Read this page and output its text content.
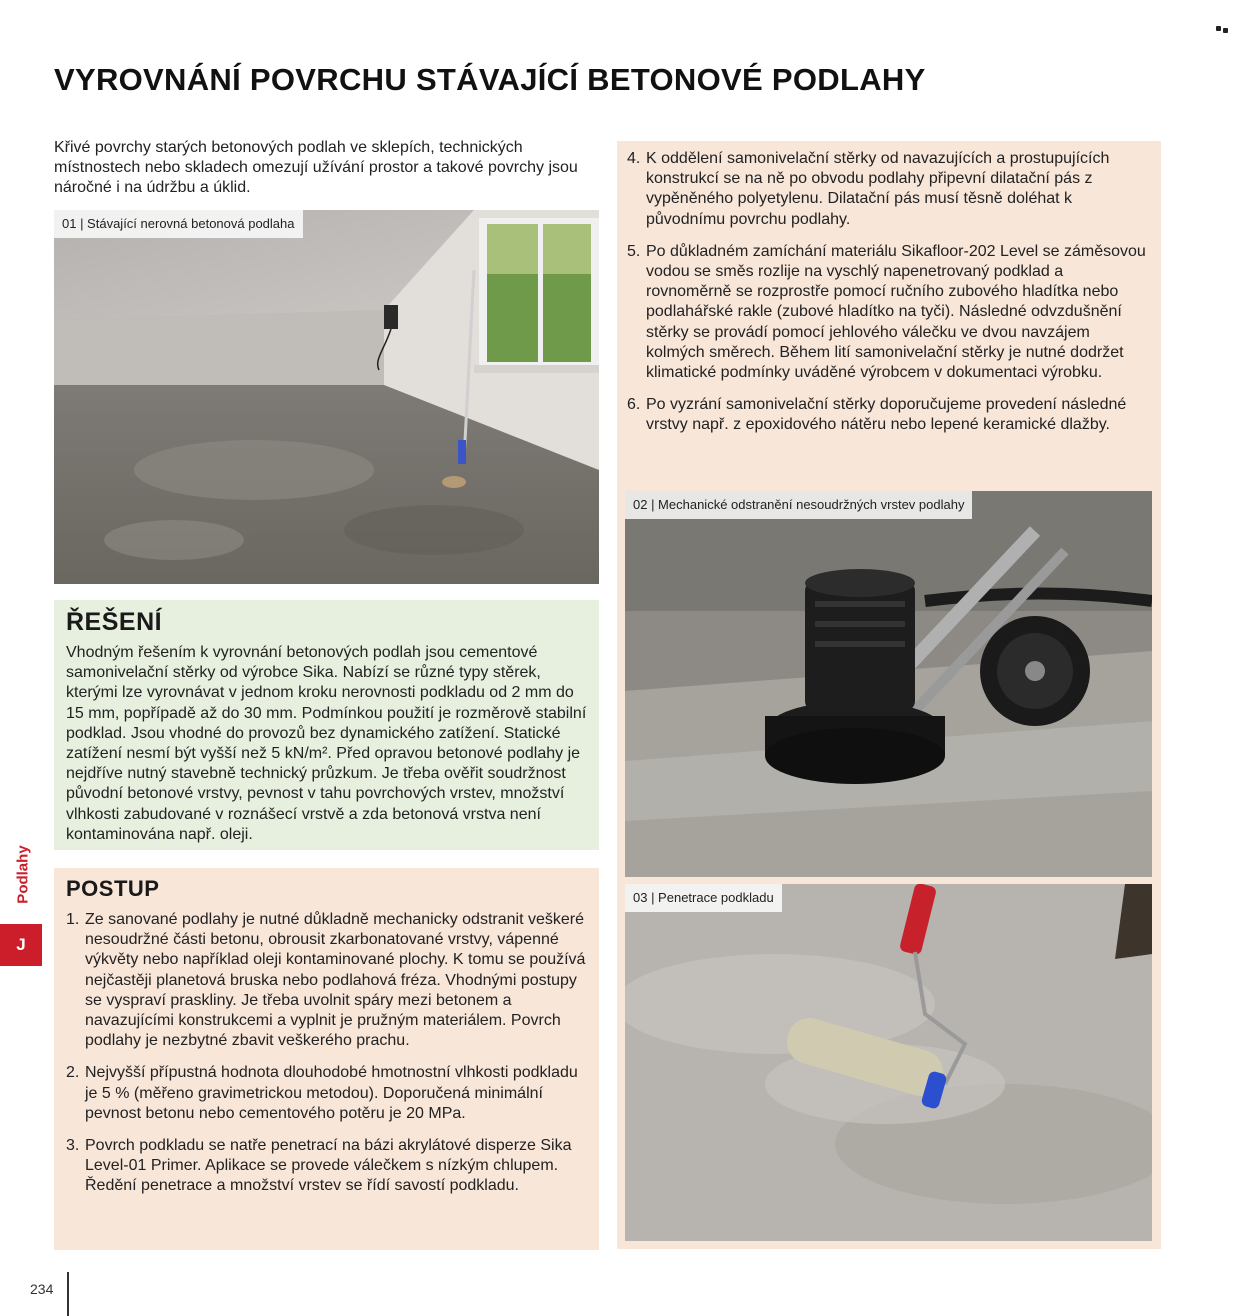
VYROVNÁNÍ POVRCHU STÁVAJÍCÍ BETONOVÉ PODLAHY

Křivé povrchy starých betonových podlah ve sklepích, technických místnostech nebo skladech omezují užívání prostor a takové povrchy jsou náročné i na údržbu a úklid.

01 | Stávající nerovná betonová podlaha
ŘEŠENÍ

Vhodným řešením k vyrovnání betonových podlah jsou cementové samonivelační stěrky od výrobce Sika. Nabízí se různé typy stěrek, kterými lze vyrovnávat v jednom kroku nerovnosti podkladu od 2 mm do 15 mm, popřípadě až do 30 mm. Podmínkou použití je rozměrově stabilní podklad. Jsou vhodné do provozů bez dynamického zatížení. Statické zatížení nesmí být vyšší než 5 kN/m². Před opravou betonové podlahy je nejdříve nutný stavebně technický průzkum. Je třeba ověřit soudržnost původní betonové vrstvy, pevnost v tahu povrchových vrstev, množství vlhkosti zabudované v roznášecí vrstvě a zda betonová vrstva není kontaminována např. oleji.

POSTUP
1. Ze sanované podlahy je nutné důkladně mechanicky odstranit veškeré nesoudržné části betonu, obrousit zkarbonatované vrstvy, vápenné výkvěty nebo například oleji kontaminované plochy. K tomu se používá nejčastěji planetová bruska nebo podlahová fréza. Vhodnými postupy se vyspraví praskliny. Je třeba uvolnit spáry mezi betonem a navazujícími konstrukcemi a vyplnit je pružným materiálem. Povrch podlahy je nezbytné zbavit veškerého prachu.
2. Nejvyšší přípustná hodnota dlouhodobé hmotnostní vlhkosti podkladu je 5 % (měřeno gravimetrickou metodou). Doporučená minimální pevnost betonu nebo cementového potěru je 20 MPa.
3. Povrch podkladu se natře penetrací na bázi akrylátové disperze Sika Level-01 Primer. Aplikace se provede válečkem s nízkým chlupem. Ředění penetrace a množství vrstev se řídí savostí podkladu.
4. K oddělení samonivelační stěrky od navazujících a prostupujících konstrukcí se na ně po obvodu podlahy připevní dilatační pás z vypěněného polyetylenu. Dilatační pás musí těsně doléhat k původnímu povrchu podlahy.
5. Po důkladném zamíchání materiálu Sikafloor-202 Level se záměsovou vodou se směs rozlije na vyschlý napenetrovaný podklad a rovnoměrně se rozprostře pomocí ručního zubového hladítka nebo podlahářské rakle (zubové hladítko na tyči). Následné odvzdušnění stěrky se provádí pomocí jehlového válečku ve dvou navzájem kolmých směrech. Během lití samonivelační stěrky je nutné dodržet klimatické podmínky uváděné výrobcem v dokumentaci výrobku.
6. Po vyzrání samonivelační stěrky doporučujeme provedení následné vrstvy např. z epoxidového nátěru nebo lepené keramické dlažby.
02 | Mechanické odstranění nesoudržných vrstev podlahy
03 | Penetrace podkladu
Podlahy
J
234
